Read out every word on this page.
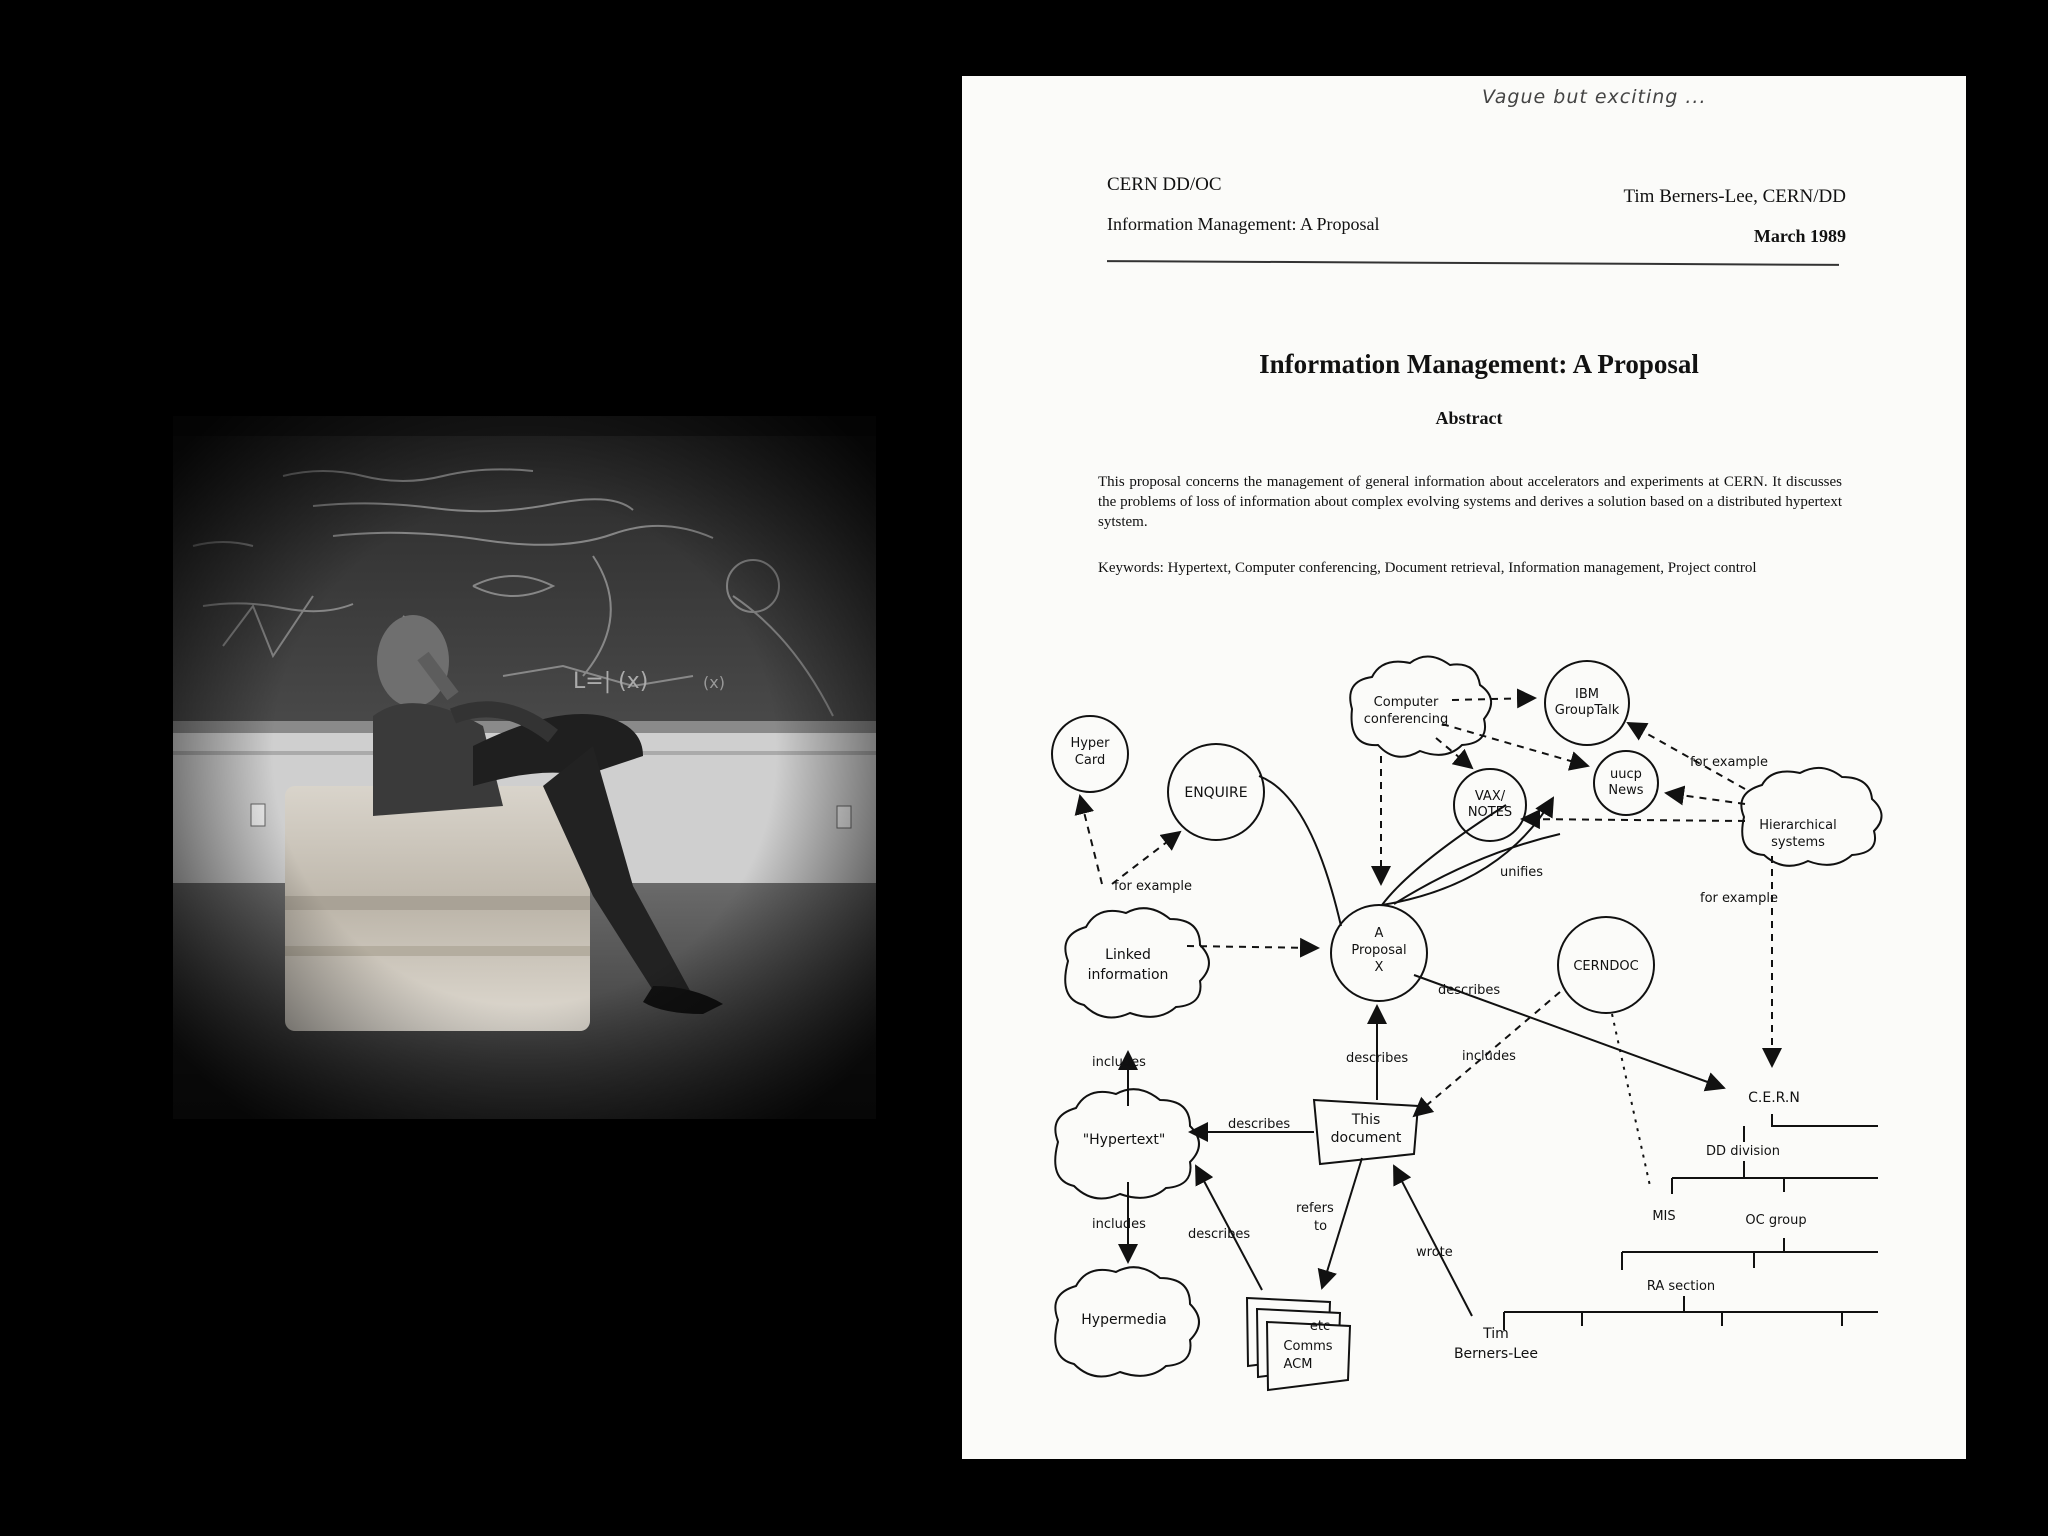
Vague but exciting ...
CERN DD/OC
Information Management: A Proposal
Tim Berners-Lee, CERN/DD
March 1989
Information Management: A Proposal
Abstract
This proposal concerns the management of general information about accelerators and experiments at CERN. It discusses the problems of loss of information about complex evolving systems and derives a solution based on a distributed hypertext sytstem.
Keywords: Hypertext, Computer conferencing, Document retrieval, Information management, Project control
Hyper
Card
ENQUIRE
Computer
conferencing
IBM
GroupTalk
uucp
News
VAX/
NOTES
Hierarchical
systems
Linked
information
A
Proposal
X	CERNDOC
"Hypertext"
This
document
Hypermedia
Comms
ACM
etc	Tim
Berners-Lee
C.E.R.N
DD division
MIS	OC group
RA section
for example
for example
for example
unifies
describes
describes
describes
describes
includes
includes
includes
refers
to
wrote
